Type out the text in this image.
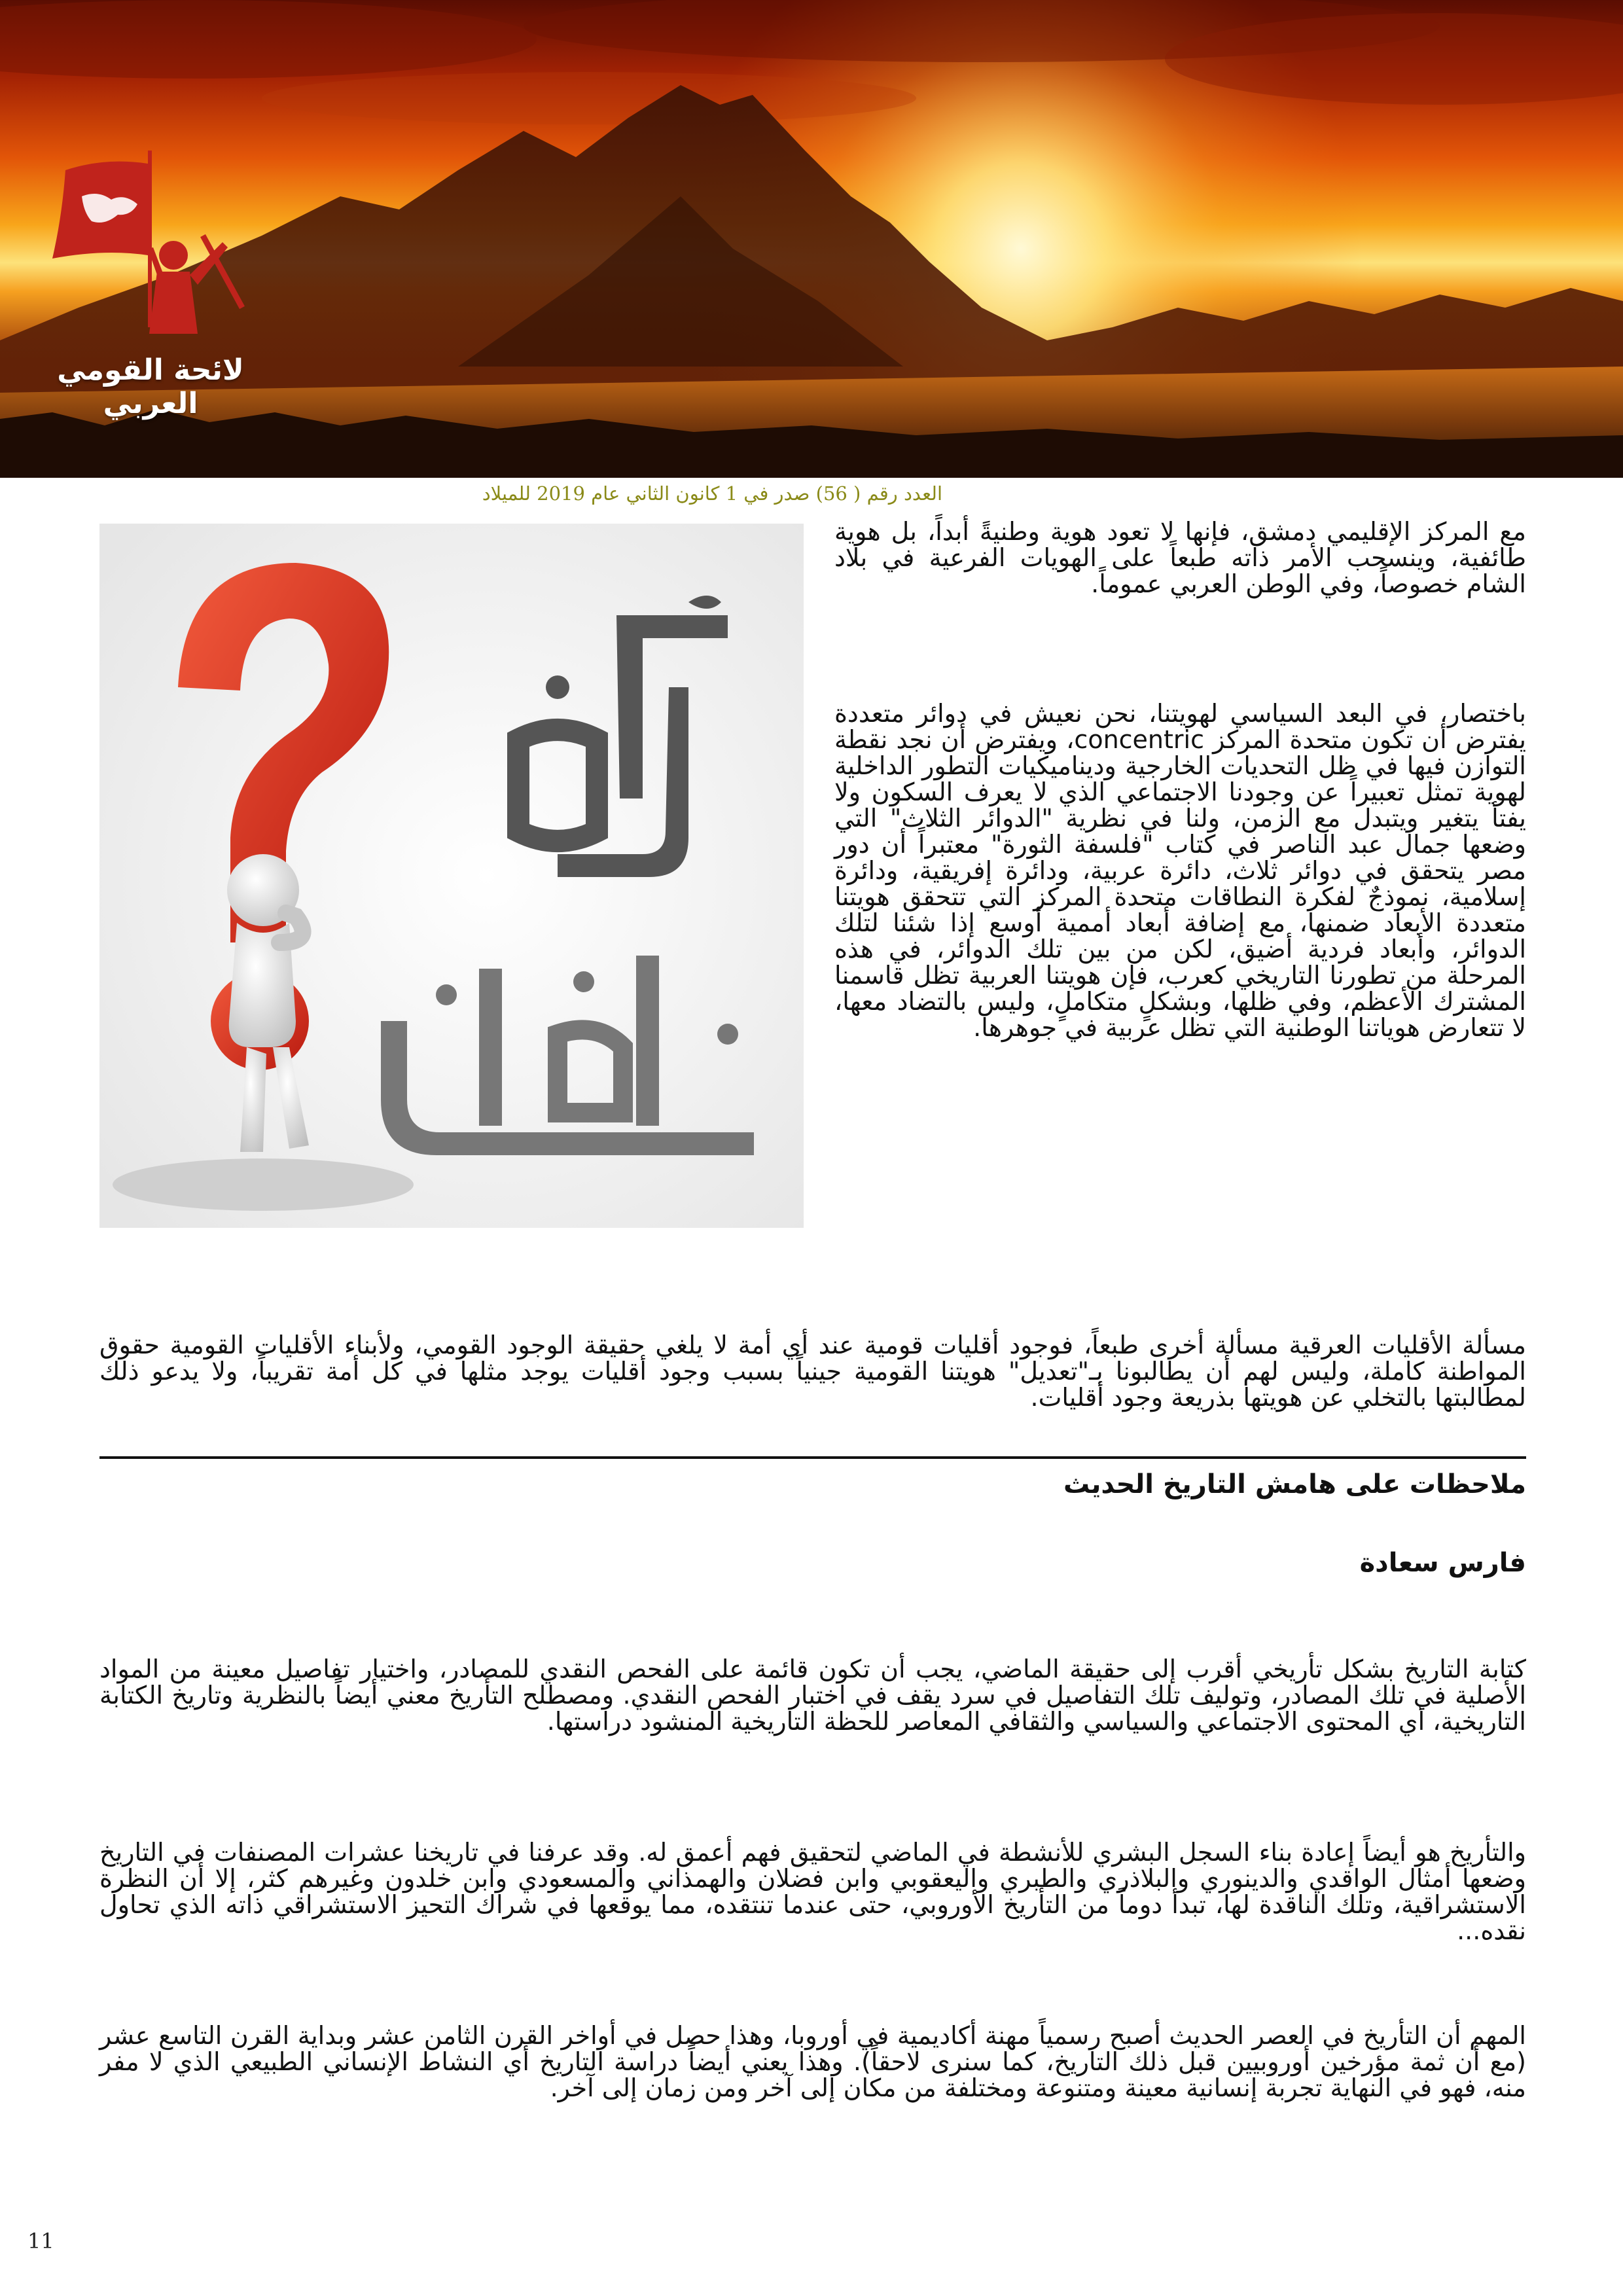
لائحة القومي العربي
العدد رقم ( 56) صدر في 1 كانون الثاني عام 2019 للميلاد

مع المركز الإقليمي دمشق، فإنها لا تعود هوية وطنيةً أبداً، بل هوية طائفية، وينسحب الأمر ذاته طبعاً على الهويات الفرعية في بلاد الشام خصوصاً، وفي الوطن العربي عموماً.

باختصار، في البعد السياسي لهويتنا، نحن نعيش في دوائر متعددة يفترض أن تكون متحدة المركز concentric، ويفترض أن نجد نقطة التوازن فيها في ظل التحديات الخارجية وديناميكيات التطور الداخلية لهوية تمثل تعبيراً عن وجودنا الاجتماعي الذي لا يعرف السكون ولا يفتأ يتغير ويتبدل مع الزمن، ولنا في نظرية "الدوائر الثلاث" التي وضعها جمال عبد الناصر في كتاب "فلسفة الثورة" معتبراً أن دور مصر يتحقق في دوائر ثلاث، دائرة عربية، ودائرة إفريقية، ودائرة إسلامية، نموذجٌ لفكرة النطاقات متحدة المركز التي تتحقق هويتنا متعددة الأبعاد ضمنها، مع إضافة أبعاد أممية أوسع إذا شئنا لتلك الدوائر، وأبعاد فردية أضيق، لكن من بين تلك الدوائر، في هذه المرحلة من تطورنا التاريخي كعرب، فإن هويتنا العربية تظل قاسمنا المشترك الأعظم، وفي ظلها، وبشكلٍ متكاملٍ، وليس بالتضاد معها، لا تتعارض هوياتنا الوطنية التي تظل عربية في جوهرها.

مسألة الأقليات العرقية مسألة أخرى طبعاً، فوجود أقليات قومية عند أي أمة لا يلغي حقيقة الوجود القومي، ولأبناء الأقليات القومية حقوق المواطنة كاملة، وليس لهم أن يطالبونا بـ"تعديل" هويتنا القومية جينياً بسبب وجود أقليات يوجد مثلها في كل أمة تقريباً، ولا يدعو ذلك لمطالبتها بالتخلي عن هويتها بذريعة وجود أقليات.

ملاحظات على هامش التاريخ الحديث
فارس سعادة

كتابة التاريخ بشكل تأريخي أقرب إلى حقيقة الماضي، يجب أن تكون قائمة على الفحص النقدي للمصادر، واختيار تفاصيل معينة من المواد الأصلية في تلك المصادر، وتوليف تلك التفاصيل في سرد يقف في اختبار الفحص النقدي. ومصطلح التأريخ معني أيضاً بالنظرية وتاريخ الكتابة التاريخية، أي المحتوى الاجتماعي والسياسي والثقافي المعاصر للحظة التاريخية المنشود دراستها.

والتأريخ هو أيضاً إعادة بناء السجل البشري للأنشطة في الماضي لتحقيق فهم أعمق له. وقد عرفنا في تاريخنا عشرات المصنفات في التاريخ وضعها أمثال الواقدي والدينوري والبلاذري والطبري واليعقوبي وابن فضلان والهمذاني والمسعودي وابن خلدون وغيرهم كثر، إلا أن النظرة الاستشراقية، وتلك الناقدة لها، تبدأ دوماً من التأريخ الأوروبي، حتى عندما تنتقده، مما يوقعها في شراك التحيز الاستشراقي ذاته الذي تحاول نقده...

المهم أن التأريخ في العصر الحديث أصبح رسمياً مهنة أكاديمية في أوروبا، وهذا حصل في أواخر القرن الثامن عشر وبداية القرن التاسع عشر (مع أن ثمة مؤرخين أوروبيين قبل ذلك التاريخ، كما سنرى لاحقاً). وهذا يعني أيضاً دراسة التاريخ أي النشاط الإنساني الطبيعي الذي لا مفر منه، فهو في النهاية تجربة إنسانية معينة ومتنوعة ومختلفة من مكان إلى آخر ومن زمان إلى آخر.

11
